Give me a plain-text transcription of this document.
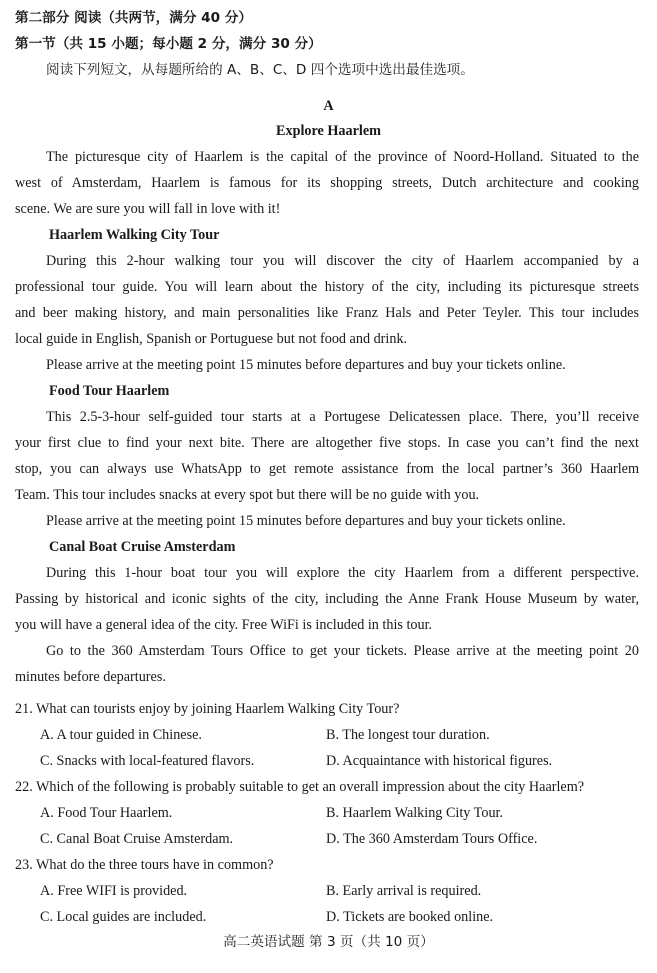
第二部分 阅读（共两节，满分 40 分）
第一节（共 15 小题；每小题 2 分，满分 30 分）
阅读下列短文，从每题所给的 A、B、C、D 四个选项中选出最佳选项。
A
Explore Haarlem
The picturesque city of Haarlem is the capital of the province of Noord-Holland. Situated to the
west of Amsterdam, Haarlem is famous for its shopping streets, Dutch architecture and cooking
scene. We are sure you will fall in love with it!
Haarlem Walking City Tour
During this 2-hour walking tour you will discover the city of Haarlem accompanied by a
professional tour guide. You will learn about the history of the city, including its picturesque streets
and beer making history, and main personalities like Franz Hals and Peter Teyler. This tour includes
local guide in English, Spanish or Portuguese but not food and drink.
Please arrive at the meeting point 15 minutes before departures and buy your tickets online.
Food Tour Haarlem
This 2.5-3-hour self-guided tour starts at a Portugese Delicatessen place. There, you’ll receive
your first clue to find your next bite. There are altogether five stops. In case you can’t find the next
stop, you can always use WhatsApp to get remote assistance from the local partner’s 360 Haarlem
Team. This tour includes snacks at every spot but there will be no guide with you.
Please arrive at the meeting point 15 minutes before departures and buy your tickets online.
Canal Boat Cruise Amsterdam
During this 1-hour boat tour you will explore the city Haarlem from a different perspective.
Passing by historical and iconic sights of the city, including the Anne Frank House Museum by water,
you will have a general idea of the city. Free WiFi is included in this tour.
Go to the 360 Amsterdam Tours Office to get your tickets. Please arrive at the meeting point 20
minutes before departures.
21. What can tourists enjoy by joining Haarlem Walking City Tour?
A. A tour guided in Chinese.	B. The longest tour duration.
C. Snacks with local-featured flavors.	D. Acquaintance with historical figures.
22. Which of the following is probably suitable to get an overall impression about the city Haarlem?
A. Food Tour Haarlem.	B. Haarlem Walking City Tour.
C. Canal Boat Cruise Amsterdam.	D. The 360 Amsterdam Tours Office.
23. What do the three tours have in common?
A. Free WIFI is provided.	B. Early arrival is required.
C. Local guides are included.	D. Tickets are booked online.
高二英语试题 第 3 页（共 10 页）
